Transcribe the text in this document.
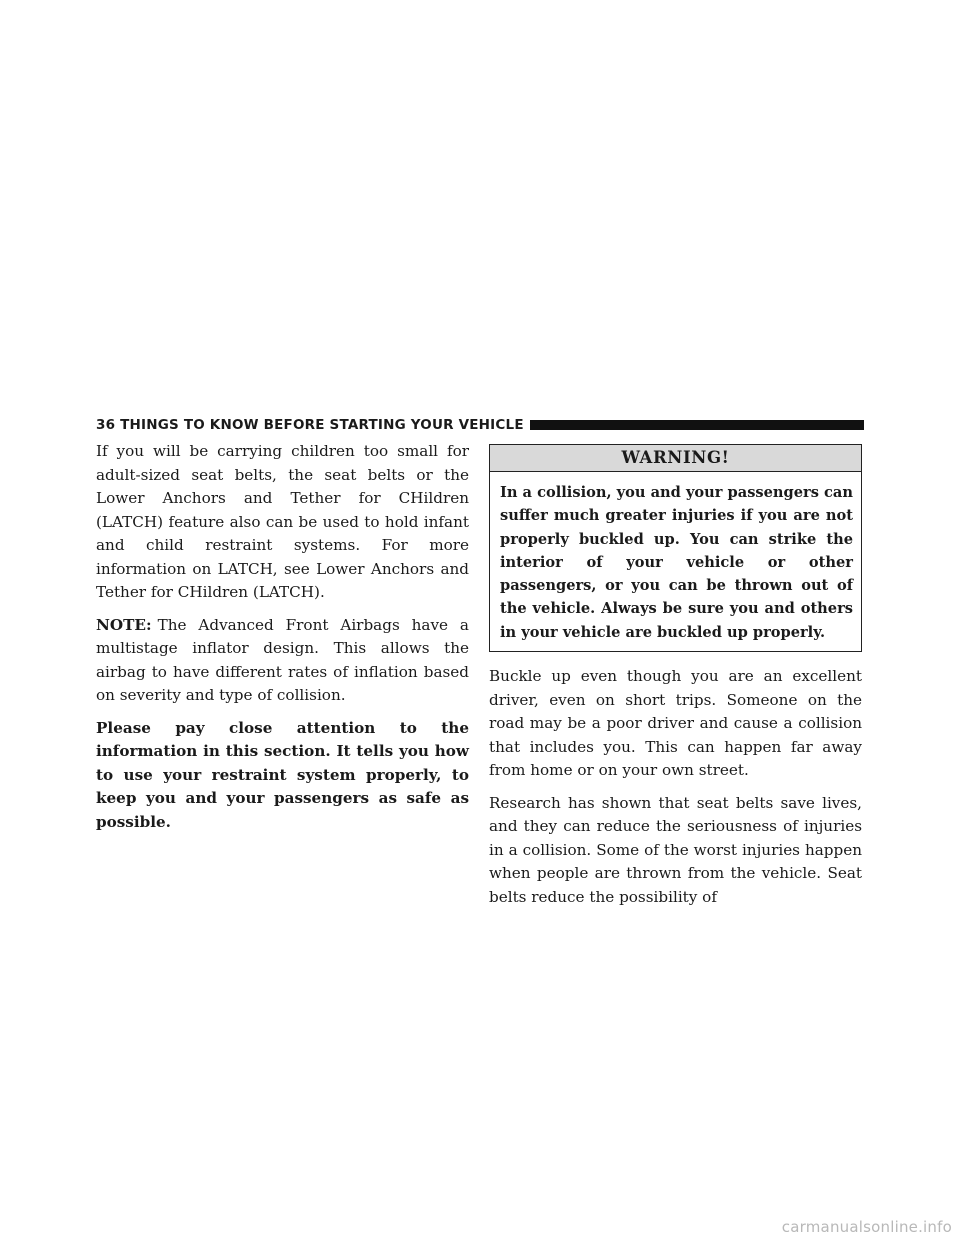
36 THINGS TO KNOW BEFORE STARTING YOUR VEHICLE

If you will be carrying children too small for adult-sized seat belts, the seat belts or the Lower Anchors and Tether for CHildren (LATCH) feature also can be used to hold infant and child restraint systems. For more information on LATCH, see Lower Anchors and Tether for CHildren (LATCH).

NOTE: The Advanced Front Airbags have a multistage inflator design. This allows the airbag to have different rates of inflation based on severity and type of collision.

Please pay close attention to the information in this section. It tells you how to use your restraint system properly, to keep you and your passengers as safe as possible.

WARNING!
In a collision, you and your passengers can suffer much greater injuries if you are not properly buckled up. You can strike the interior of your vehicle or other passengers, or you can be thrown out of the vehicle. Always be sure you and others in your vehicle are buckled up properly.

Buckle up even though you are an excellent driver, even on short trips. Someone on the road may be a poor driver and cause a collision that includes you. This can happen far away from home or on your own street.

Research has shown that seat belts save lives, and they can reduce the seriousness of injuries in a collision. Some of the worst injuries happen when people are thrown from the vehicle. Seat belts reduce the possibility of

carmanualsonline.info
